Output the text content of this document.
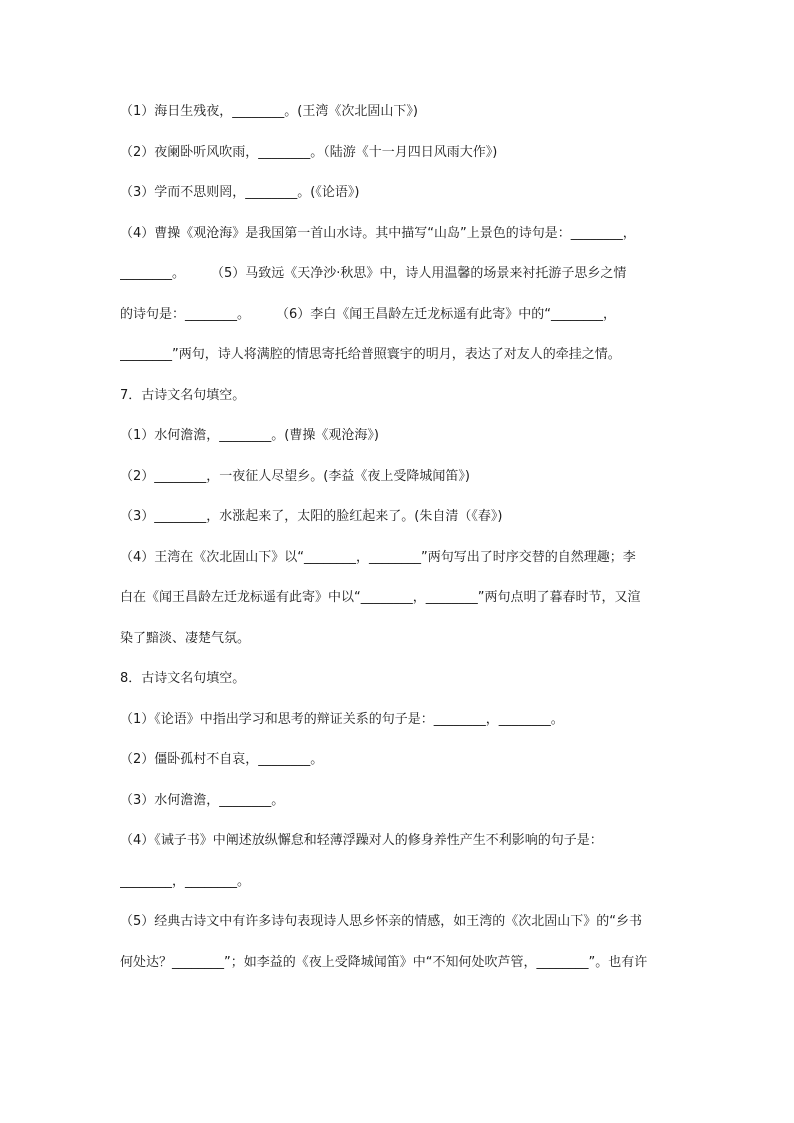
（1）海日生残夜，________。(王湾《次北固山下》)
（2）夜阑卧听风吹雨，________。（陆游《十一月四日风雨大作》)
（3）学而不思则罔，________。(《论语》)
（4）曹操《观沧海》是我国第一首山水诗。其中描写“山岛”上景色的诗句是：________，
________。　　　（5）马致远《天净沙·秋思》中，诗人用温馨的场景来衬托游子思乡之情
的诗句是：________。　　　（6）李白《闻王昌龄左迁龙标遥有此寄》中的“________，
________”两句，诗人将满腔的情思寄托给普照寰宇的明月，表达了对友人的牵挂之情。
7．古诗文名句填空。
（1）水何澹澹，________。(曹操《观沧海》)
（2）________，一夜征人尽望乡。(李益《夜上受降城闻笛》)
（3）________，水涨起来了，太阳的脸红起来了。(朱自清（《春》)
（4）王湾在《次北固山下》以“________，________”两句写出了时序交替的自然理趣；李
白在《闻王昌龄左迁龙标遥有此寄》中以“________，________”两句点明了暮春时节，又渲
染了黯淡、凄楚气氛。
8．古诗文名句填空。
（1）《论语》中指出学习和思考的辩证关系的句子是：________，________。
（2）僵卧孤村不自哀，________。
（3）水何澹澹，________。
（4）《诫子书》中阐述放纵懈怠和轻薄浮躁对人的修身养性产生不利影响的句子是：
________，________。
（5）经典古诗文中有许多诗句表现诗人思乡怀亲的情感，如王湾的《次北固山下》的“乡书
何处达？________”；如李益的《夜上受降城闻笛》中“不知何处吹芦管，________”。也有许
